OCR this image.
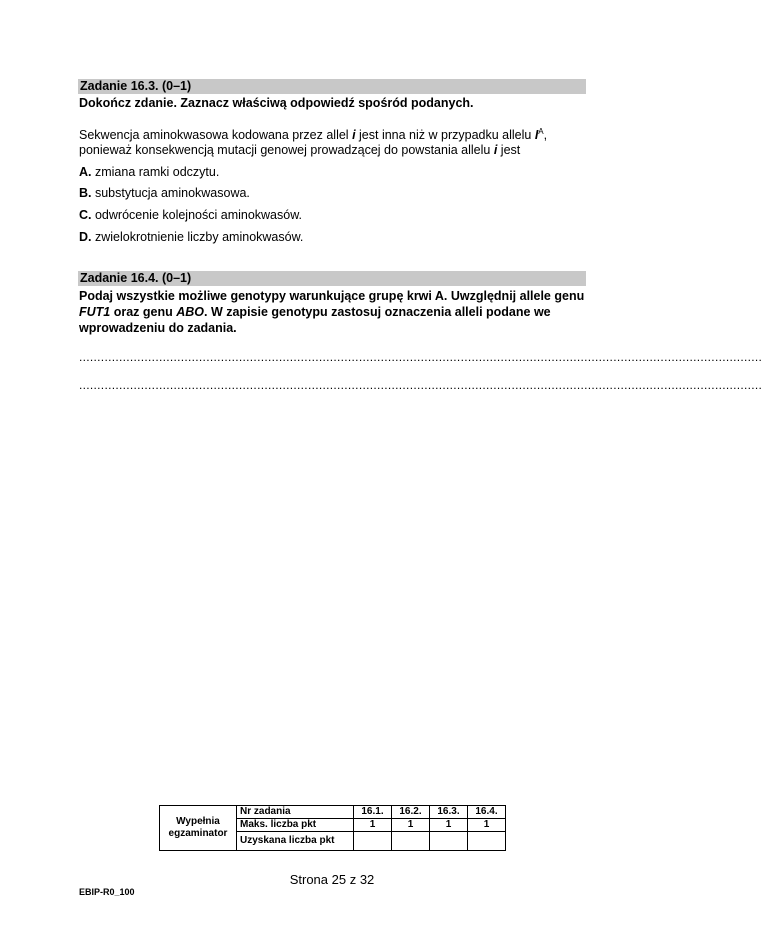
Zadanie 16.3. (0–1)
Dokończ zdanie. Zaznacz właściwą odpowiedź spośród podanych.
Sekwencja aminokwasowa kodowana przez allel i jest inna niż w przypadku allelu $I^A$,
ponieważ konsekwencją mutacji genowej prowadzącej do powstania allelu i jest
A. zmiana ramki odczytu.
B. substytucja aminokwasowa.
C. odwrócenie kolejności aminokwasów.
D. zwielokrotnienie liczby aminokwasów.
Zadanie 16.4. (0–1)
Podaj wszystkie możliwe genotypy warunkujące grupę krwi A. Uwzględnij allele genu
FUT1 oraz genu ABO. W zapisie genotypu zastosuj oznaczenia alleli podane we
wprowadzeniu do zadania.
............................................................................................................................................................................................
............................................................................................................................................................................................
Wypełnia
egzaminator	Nr zadania	16.1.	16.2.	16.3.	16.4.
	Maks. liczba pkt	1	1	1	1
	Uzyskana liczba pkt				
Strona 25 z 32
EBIP-R0_100
